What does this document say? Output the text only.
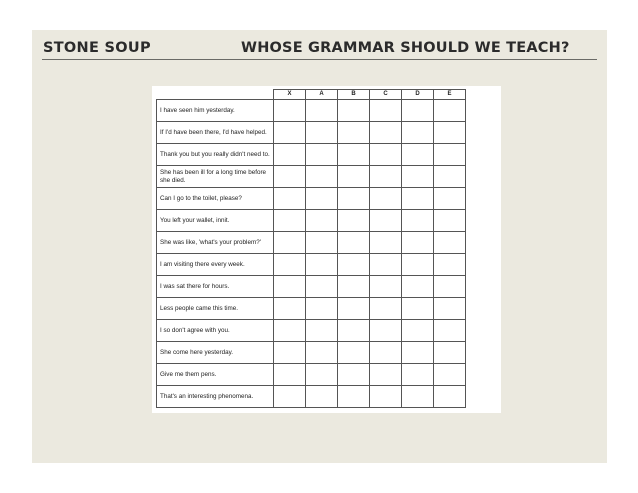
STONE SOUP	WHOSE GRAMMAR SHOULD WE TEACH?
	X	A	B	C	D	E
I have seen him yesterday.						
If I'd have been there, I'd have helped.						
Thank you but you really didn't need to.						
She has been ill for a long time before she died.						
Can I go to the toilet, please?						
You left your wallet, innit.						
She was like, 'what's your problem?'						
I am visiting there every week.						
I was sat there for hours.						
Less people came this time.						
I so don't agree with you.						
She come here yesterday.						
Give me them pens.						
That's an interesting phenomena.						
